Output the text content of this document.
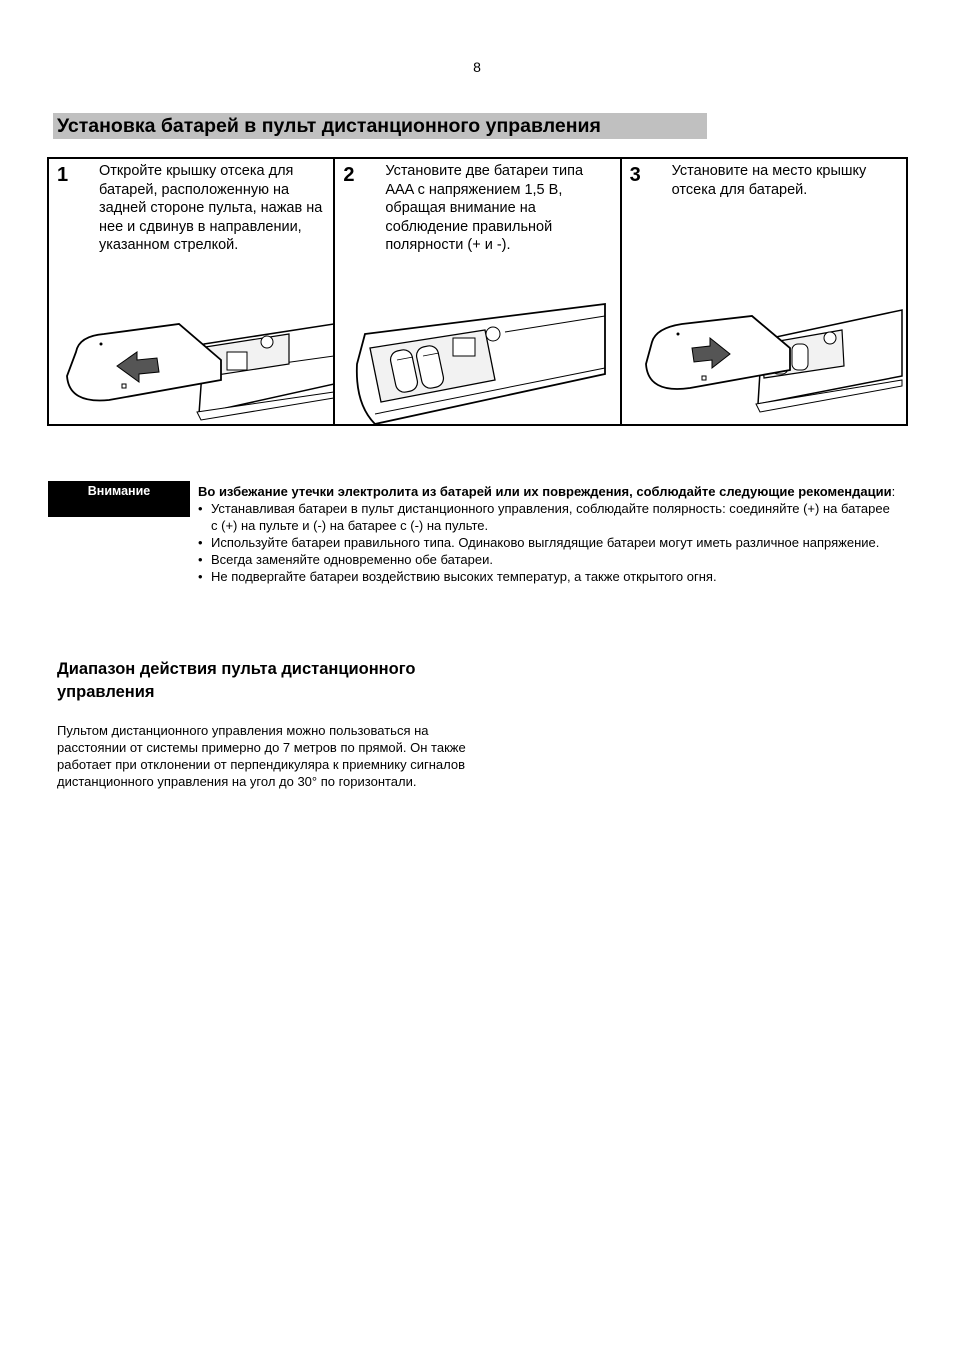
8
Установка батарей в пульт дистанционного управления
1 Откройте крышку отсека для батарей, расположенную на задней стороне пульта, нажав на нее и сдвинув в направлении, указанном стрелкой.
2 Установите две батареи типа AAA с напряжением 1,5 В, обращая внимание на соблюдение правильной полярности (+ и -).
3 Установите на место крышку отсека для батарей.
Внимание	Во избежание утечки электролита из батарей или их повреждения, соблюдайте следующие рекомендации:
• Устанавливая батареи в пульт дистанционного управления, соблюдайте полярность: соединяйте (+) на батарее с (+) на пульте и (-) на батарее с (-) на пульте.
• Используйте батареи правильного типа. Одинаково выглядящие батареи могут иметь различное напряжение.
• Всегда заменяйте одновременно обе батареи.
• Не подвергайте батареи воздействию высоких температур, а также открытого огня.
Диапазон действия пульта дистанционного управления
Пультом дистанционного управления можно пользоваться на расстоянии от системы примерно до 7 метров по прямой. Он также работает при отклонении от перпендикуляра к приемнику сигналов дистанционного управления на угол до 30° по горизонтали.
